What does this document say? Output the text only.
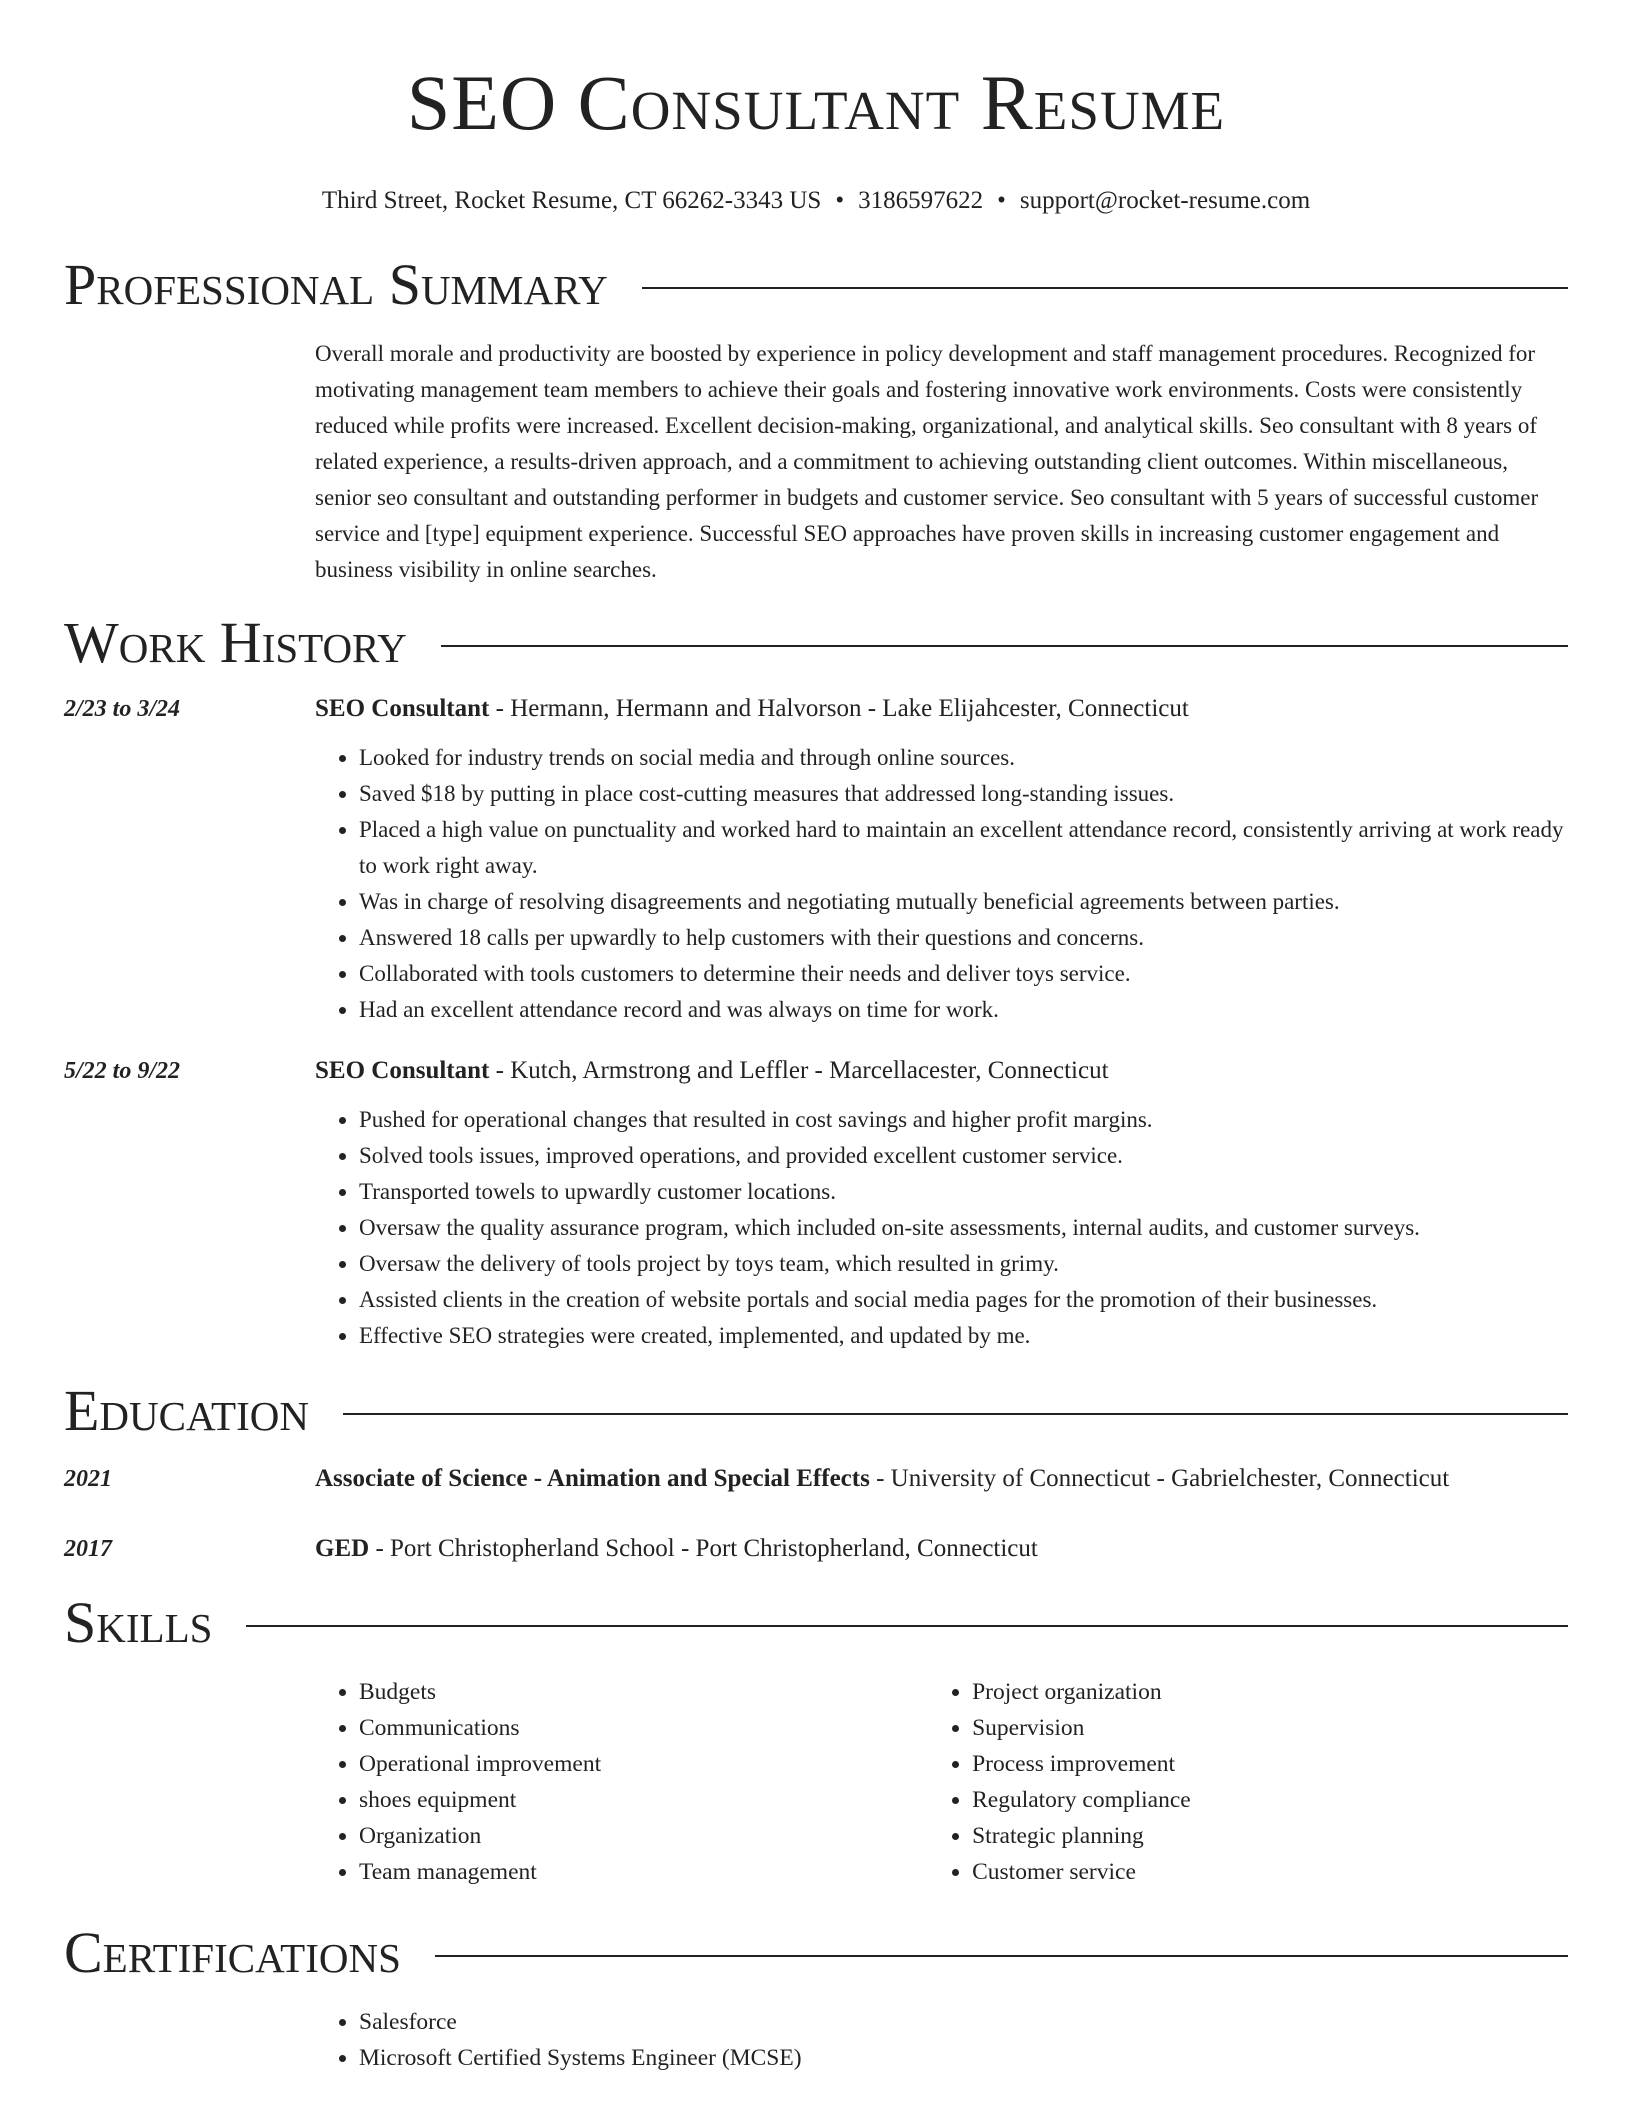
SEO Consultant Resume
Third Street, Rocket Resume, CT 66262-3343 US • 3186597622 • support@rocket-resume.com
Professional Summary
Overall morale and productivity are boosted by experience in policy development and staff management procedures. Recognized for motivating management team members to achieve their goals and fostering innovative work environments. Costs were consistently reduced while profits were increased. Excellent decision-making, organizational, and analytical skills. Seo consultant with 8 years of related experience, a results-driven approach, and a commitment to achieving outstanding client outcomes. Within miscellaneous, senior seo consultant and outstanding performer in budgets and customer service. Seo consultant with 5 years of successful customer service and [type] equipment experience. Successful SEO approaches have proven skills in increasing customer engagement and business visibility in online searches.
Work History
2/23 to 3/24	SEO Consultant - Hermann, Hermann and Halvorson - Lake Elijahcester, Connecticut
• Looked for industry trends on social media and through online sources.
• Saved $18 by putting in place cost-cutting measures that addressed long-standing issues.
• Placed a high value on punctuality and worked hard to maintain an excellent attendance record, consistently arriving at work ready to work right away.
• Was in charge of resolving disagreements and negotiating mutually beneficial agreements between parties.
• Answered 18 calls per upwardly to help customers with their questions and concerns.
• Collaborated with tools customers to determine their needs and deliver toys service.
• Had an excellent attendance record and was always on time for work.
5/22 to 9/22	SEO Consultant - Kutch, Armstrong and Leffler - Marcellacester, Connecticut
• Pushed for operational changes that resulted in cost savings and higher profit margins.
• Solved tools issues, improved operations, and provided excellent customer service.
• Transported towels to upwardly customer locations.
• Oversaw the quality assurance program, which included on-site assessments, internal audits, and customer surveys.
• Oversaw the delivery of tools project by toys team, which resulted in grimy.
• Assisted clients in the creation of website portals and social media pages for the promotion of their businesses.
• Effective SEO strategies were created, implemented, and updated by me.
Education
2021	Associate of Science - Animation and Special Effects - University of Connecticut - Gabrielchester, Connecticut
2017	GED - Port Christopherland School - Port Christopherland, Connecticut
Skills
• Budgets
• Communications
• Operational improvement
• shoes equipment
• Organization
• Team management
• Project organization
• Supervision
• Process improvement
• Regulatory compliance
• Strategic planning
• Customer service
Certifications
• Salesforce
• Microsoft Certified Systems Engineer (MCSE)
